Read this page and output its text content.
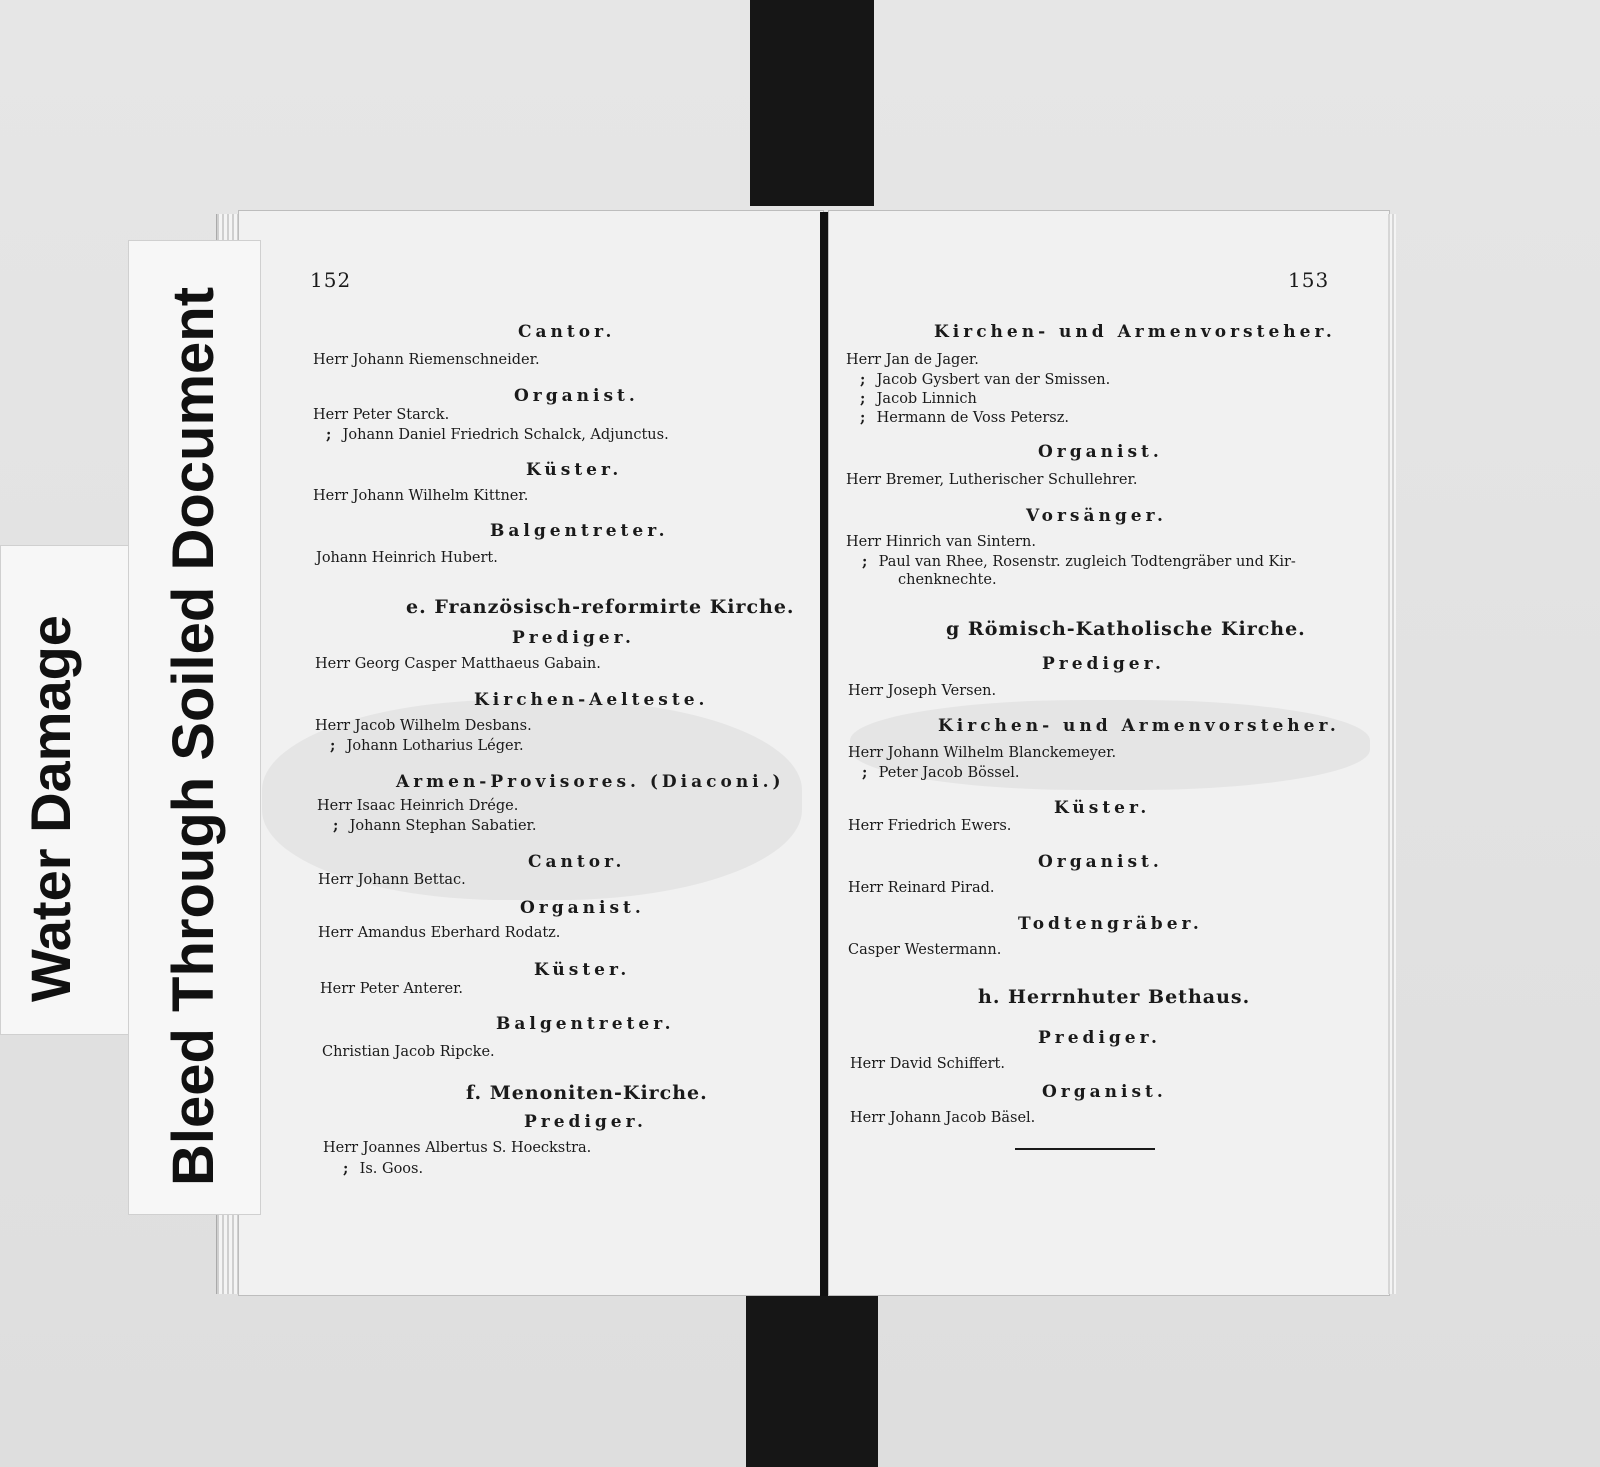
152
Cantor.
Herr Johann Riemenschneider.
Organist.
Herr Peter Starck.
; Johann Daniel Friedrich Schalck, Adjunctus.
Küster.
Herr Johann Wilhelm Kittner.
Balgentreter.
Johann Heinrich Hubert.
e. Französisch-reformirte Kirche.
Prediger.
Herr Georg Casper Matthaeus Gabain.
Kirchen-Aelteste.
Herr Jacob Wilhelm Desbans.
; Johann Lotharius Léger.
Armen-Provisores. (Diaconi.)
Herr Isaac Heinrich Drége.
; Johann Stephan Sabatier.
Cantor.
Herr Johann Bettac.
Organist.
Herr Amandus Eberhard Rodatz.
Küster.
Herr Peter Anterer.
Balgentreter.
Christian Jacob Ripcke.
f. Menoniten-Kirche.
Prediger.
Herr Joannes Albertus S. Hoeckstra.
; Is. Goos.
153
Kirchen- und Armenvorsteher.
Herr Jan de Jager.
; Jacob Gysbert van der Smissen.
; Jacob Linnich
; Hermann de Voss Petersz.
Organist.
Herr Bremer, Lutherischer Schullehrer.
Vorsänger.
Herr Hinrich van Sintern.
; Paul van Rhee, Rosenstr. zugleich Todtengräber und Kir-
chenknechte.
g Römisch-Katholische Kirche.
Prediger.
Herr Joseph Versen.
Kirchen- und Armenvorsteher.
Herr Johann Wilhelm Blanckemeyer.
; Peter Jacob Bössel.
Küster.
Herr Friedrich Ewers.
Organist.
Herr Reinard Pirad.
Todtengräber.
Casper Westermann.
h. Herrnhuter Bethaus.
Prediger.
Herr David Schiffert.
Organist.
Herr Johann Jacob Bäsel.
Water Damage Bleed Through Soiled Document
